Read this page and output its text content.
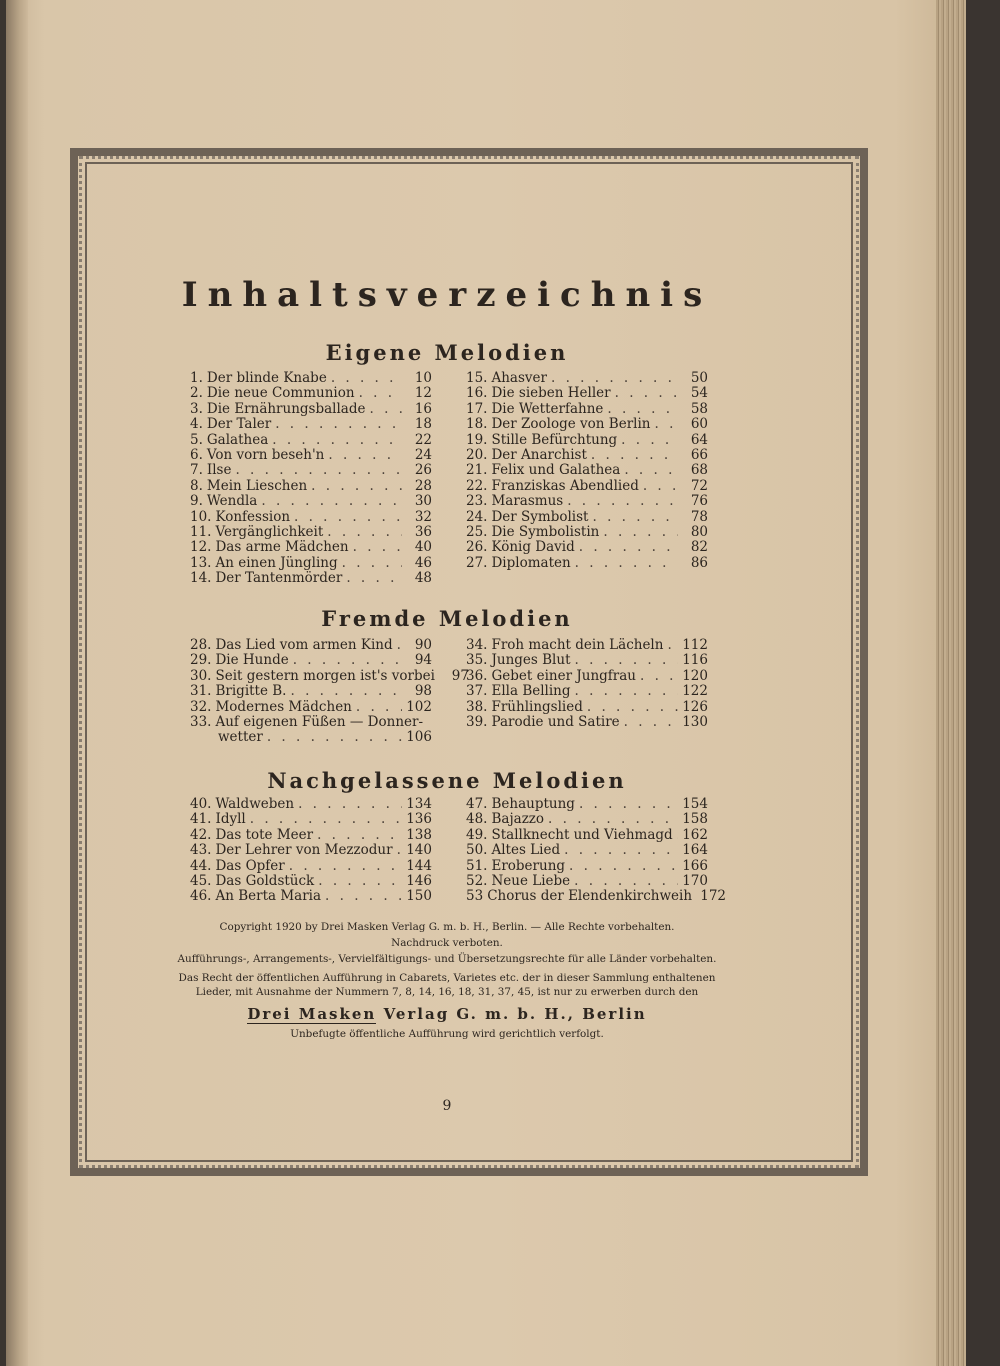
Inhaltsverzeichnis
Eigene Melodien
1. Der blinde Knabe . . .	10
2. Die neue Communion . . .	12
3. Die Ernährungsballade . . .	16
4. Der Taler . . .	18
5. Galathea . . .	22
6. Von vorn beseh'n . . .	24
7. Ilse . . .	26
8. Mein Lieschen . . .	28
9. Wendla . . .	30
10. Konfession . . .	32
11. Vergänglichkeit . . .	36
12. Das arme Mädchen . . .	40
13. An einen Jüngling . . .	46
14. Der Tantenmörder . . .	48
15. Ahasver . . .	50
16. Die sieben Heller . . .	54
17. Die Wetterfahne . . .	58
18. Der Zoologe von Berlin . . .	60
19. Stille Befürchtung . . .	64
20. Der Anarchist . . .	66
21. Felix und Galathea . . .	68
22. Franziskas Abendlied . . .	72
23. Marasmus . . .	76
24. Der Symbolist . . .	78
25. Die Symbolistin . . .	80
26. König David . . .	82
27. Diplomaten . . .	86
Fremde Melodien
28. Das Lied vom armen Kind . . .	90
29. Die Hunde . . .	94
30. Seit gestern morgen ist's vorbei	97
31. Brigitte B. . . .	98
32. Modernes Mädchen . . .	102
33. Auf eigenen Füßen — Donner-
wetter . . .	106
34. Froh macht dein Lächeln . . . 112
35. Junges Blut . . .	116
36. Gebet einer Jungfrau . . .	120
37. Ella Belling . . .	122
38. Frühlingslied . . .	126
39. Parodie und Satire . . .	130
Nachgelassene Melodien
40. Waldweben . . .	134
41. Idyll . . .	136
42. Das tote Meer . . .	138
43. Der Lehrer von Mezzodur . . . 140
44. Das Opfer . . .	144
45. Das Goldstück . . .	146
46. An Berta Maria . . .	150
47. Behauptung . . .	154
48. Bajazzo . . .	158
49. Stallknecht und Viehmagd . . . 162
50. Altes Lied . . .	164
51. Eroberung . . .	166
52. Neue Liebe . . .	170
53 Chorus der Elendenkirchweih 172
Copyright 1920 by Drei Masken Verlag G. m. b. H., Berlin. — Alle Rechte vorbehalten.
Nachdruck verboten.
Aufführungs-, Arrangements-, Vervielfältigungs- und Übersetzungsrechte für alle Länder vorbehalten.
Das Recht der öffentlichen Aufführung in Cabarets, Varietes etc. der in dieser Sammlung enthaltenen
Lieder, mit Ausnahme der Nummern 7, 8, 14, 16, 18, 31, 37, 45, ist nur zu erwerben durch den
Drei Masken Verlag G. m. b. H., Berlin
Unbefugte öffentliche Aufführung wird gerichtlich verfolgt.
9
